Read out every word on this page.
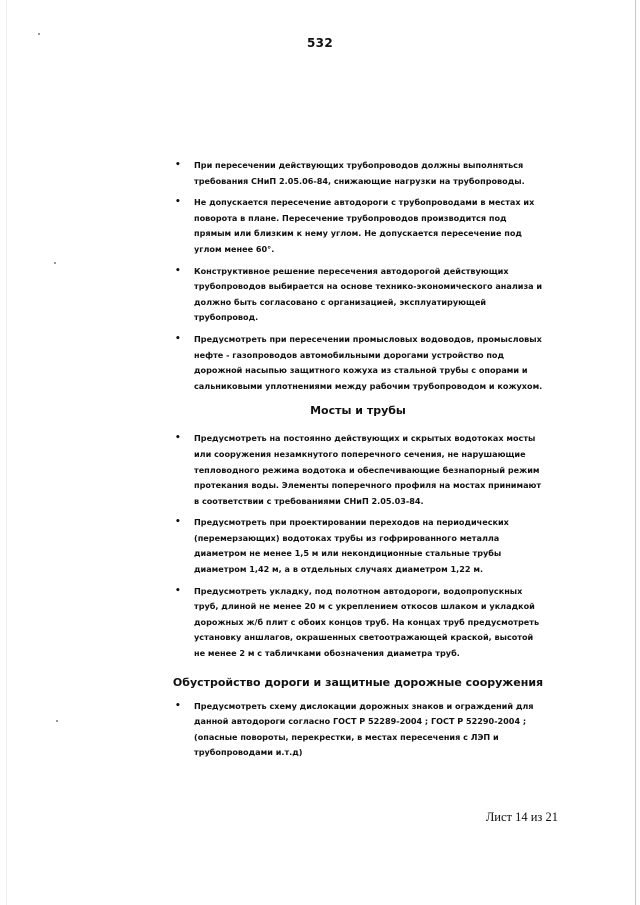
532
• При пересечении действующих трубопроводов должны выполняться требования СНиП 2.05.06-84, снижающие нагрузки на трубопроводы.
• Не допускается пересечение автодороги с трубопроводами в местах их поворота в плане. Пересечение трубопроводов производится под прямым или близким к нему углом. Не допускается пересечение под углом менее 60°.
• Конструктивное решение пересечения автодорогой действующих трубопроводов выбирается на основе технико-экономического анализа и должно быть согласовано с организацией, эксплуатирующей трубопровод.
• Предусмотреть при пересечении промысловых водоводов, промысловых нефте - газопроводов автомобильными дорогами устройство под дорожной насыпью защитного кожуха из стальной трубы с опорами и сальниковыми уплотнениями между рабочим трубопроводом и кожухом.
Мосты и трубы
• Предусмотреть на постоянно действующих и скрытых водотоках мосты или сооружения незамкнутого поперечного сечения, не нарушающие тепловодного режима водотока и обеспечивающие безнапорный режим протекания воды. Элементы поперечного профиля на мостах принимают в соответствии с требованиями СНиП 2.05.03-84.
• Предусмотреть при проектировании переходов на периодических (перемерзающих) водотоках трубы из гофрированного металла диаметром не менее 1,5 м или некондиционные стальные трубы диаметром 1,42 м, а в отдельных случаях диаметром 1,22 м.
• Предусмотреть укладку, под полотном автодороги, водопропускных труб, длиной не менее 20 м с укреплением откосов шлаком и укладкой дорожных ж/б плит с обоих концов труб. На концах труб предусмотреть установку аншлагов, окрашенных светоотражающей краской, высотой не менее 2 м с табличками обозначения диаметра труб.
Обустройство дороги и защитные дорожные сооружения
• Предусмотреть схему дислокации дорожных знаков и ограждений для данной автодороги согласно ГОСТ Р 52289-2004 ; ГОСТ Р 52290-2004 ; (опасные повороты, перекрестки, в местах пересечения с ЛЭП и трубопроводами и.т.д)
Лист 14 из 21
